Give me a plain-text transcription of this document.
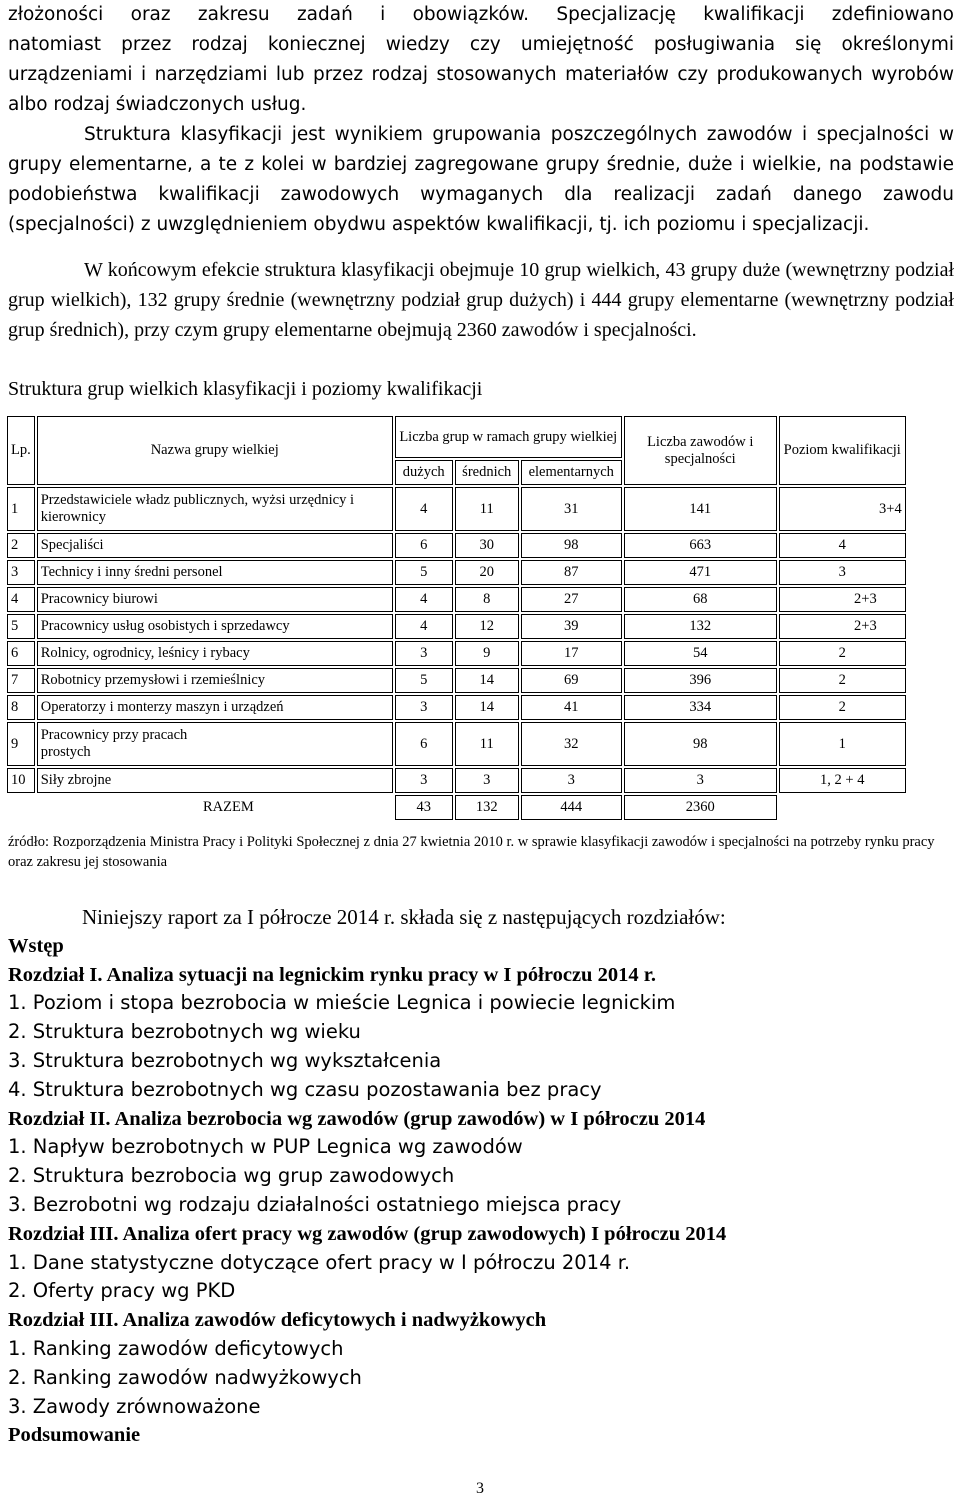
złożoności oraz zakresu zadań i obowiązków. Specjalizację kwalifikacji zdefiniowano

natomiast przez rodzaj koniecznej wiedzy czy umiejętność posługiwania się określonymi urządzeniami i narzędziami lub przez rodzaj stosowanych materiałów czy produkowanych wyrobów albo rodzaj świadczonych usług.

Struktura klasyfikacji jest wynikiem grupowania poszczególnych zawodów i specjalności w grupy elementarne, a te z kolei w bardziej zagregowane grupy średnie, duże i wielkie, na podstawie podobieństwa kwalifikacji zawodowych wymaganych dla realizacji zadań danego zawodu (specjalności) z uwzględnieniem obydwu aspektów kwalifikacji, tj. ich poziomu i specjalizacji.

W końcowym efekcie struktura klasyfikacji obejmuje 10 grup wielkich, 43 grupy duże (wewnętrzny podział grup wielkich), 132 grupy średnie (wewnętrzny podział grup dużych) i 444 grupy elementarne (wewnętrzny podział grup średnich), przy czym grupy elementarne obejmują 2360 zawodów i specjalności.

Struktura grup wielkich klasyfikacji i poziomy kwalifikacji

Lp.	Nazwa grupy wielkiej	Liczba grup w ramach grupy wielkiej			Liczba zawodów i specjalności	Poziom kwalifikacji
		dużych	średnich	elementarnych		
1	Przedstawiciele władz publicznych, wyżsi urzędnicy i kierownicy	4	11	31	141	3+4
2	Specjaliści	6	30	98	663	4
3	Technicy i inny średni personel	5	20	87	471	3
4	Pracownicy biurowi	4	8	27	68	2+3
5	Pracownicy usług osobistych i sprzedawcy	4	12	39	132	2+3
6	Rolnicy, ogrodnicy, leśnicy i rybacy	3	9	17	54	2
7	Robotnicy przemysłowi i rzemieślnicy	5	14	69	396	2
8	Operatorzy i monterzy maszyn i urządzeń	3	14	41	334	2
9	Pracownicy przy pracach prostych	6	11	32	98	1
10	Siły zbrojne	3	3	3	3	1, 2 + 4
RAZEM		43	132	444	2360	

źródło: Rozporządzenia Ministra Pracy i Polityki Społecznej z dnia 27 kwietnia 2010 r. w sprawie klasyfikacji zawodów i specjalności na potrzeby rynku pracy oraz zakresu jej stosowania

Niniejszy raport za I półrocze 2014 r. składa się z następujących rozdziałów:
Wstęp
Rozdział I. Analiza sytuacji na legnickim rynku pracy w I półroczu 2014 r.
1. Poziom i stopa bezrobocia w mieście Legnica i powiecie legnickim
2. Struktura bezrobotnych wg wieku
3. Struktura bezrobotnych wg wykształcenia
4. Struktura bezrobotnych wg czasu pozostawania bez pracy
Rozdział II. Analiza bezrobocia wg zawodów (grup zawodów) w I półroczu 2014
1. Napływ bezrobotnych w PUP Legnica wg zawodów
2. Struktura bezrobocia wg grup zawodowych
3. Bezrobotni wg rodzaju działalności ostatniego miejsca pracy
Rozdział III. Analiza ofert pracy wg zawodów (grup zawodowych) I półroczu 2014
1. Dane statystyczne dotyczące ofert pracy w I półroczu 2014 r.
2. Oferty pracy wg PKD
Rozdział III. Analiza zawodów deficytowych i nadwyżkowych
1. Ranking zawodów deficytowych
2. Ranking zawodów nadwyżkowych
3. Zawody zrównoważone
Podsumowanie
3
